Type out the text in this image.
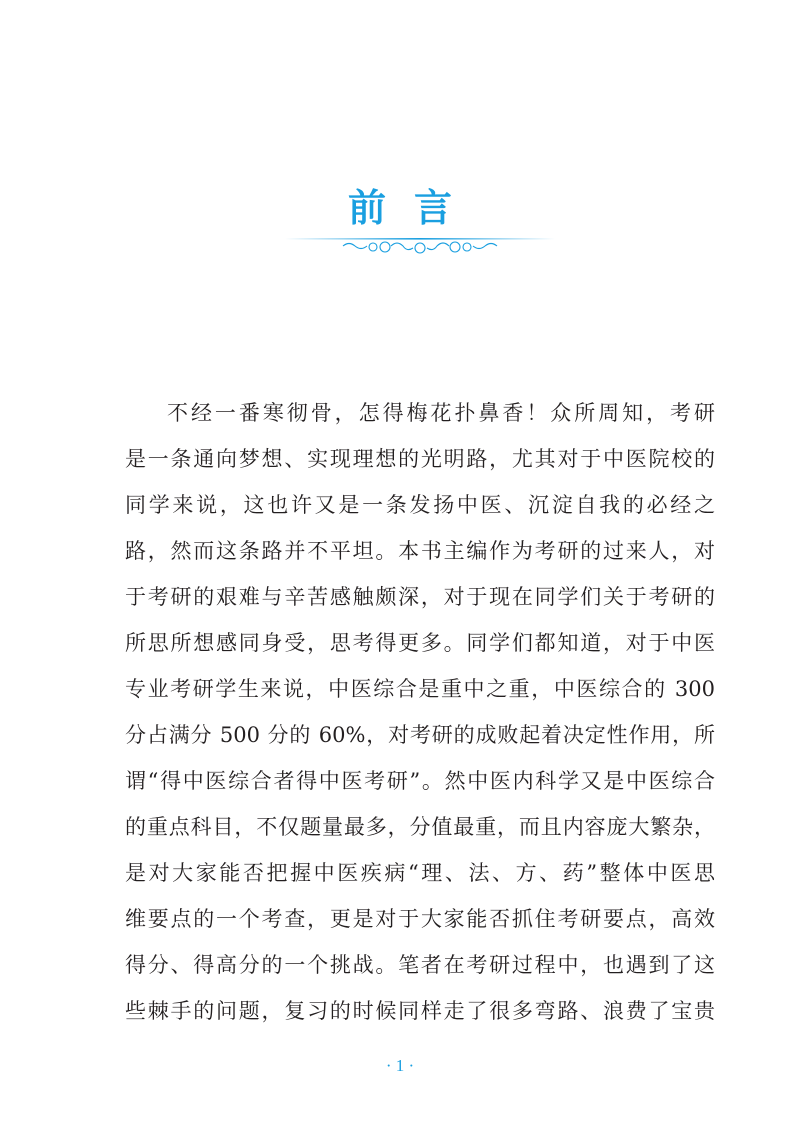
前言
不经一番寒彻骨，怎得梅花扑鼻香！众所周知，考研
是一条通向梦想、实现理想的光明路，尤其对于中医院校的
同学来说，这也许又是一条发扬中医、沉淀自我的必经之
路，然而这条路并不平坦。本书主编作为考研的过来人，对
于考研的艰难与辛苦感触颇深，对于现在同学们关于考研的
所思所想感同身受，思考得更多。同学们都知道，对于中医
专业考研学生来说，中医综合是重中之重，中医综合的 300
分占满分 500 分的 60%，对考研的成败起着决定性作用，所
谓“得中医综合者得中医考研”。然中医内科学又是中医综合
的重点科目，不仅题量最多，分值最重，而且内容庞大繁杂，
是对大家能否把握中医疾病“理、法、方、药”整体中医思
维要点的一个考查，更是对于大家能否抓住考研要点，高效
得分、得高分的一个挑战。笔者在考研过程中，也遇到了这
些棘手的问题，复习的时候同样走了很多弯路、浪费了宝贵
· 1 ·
